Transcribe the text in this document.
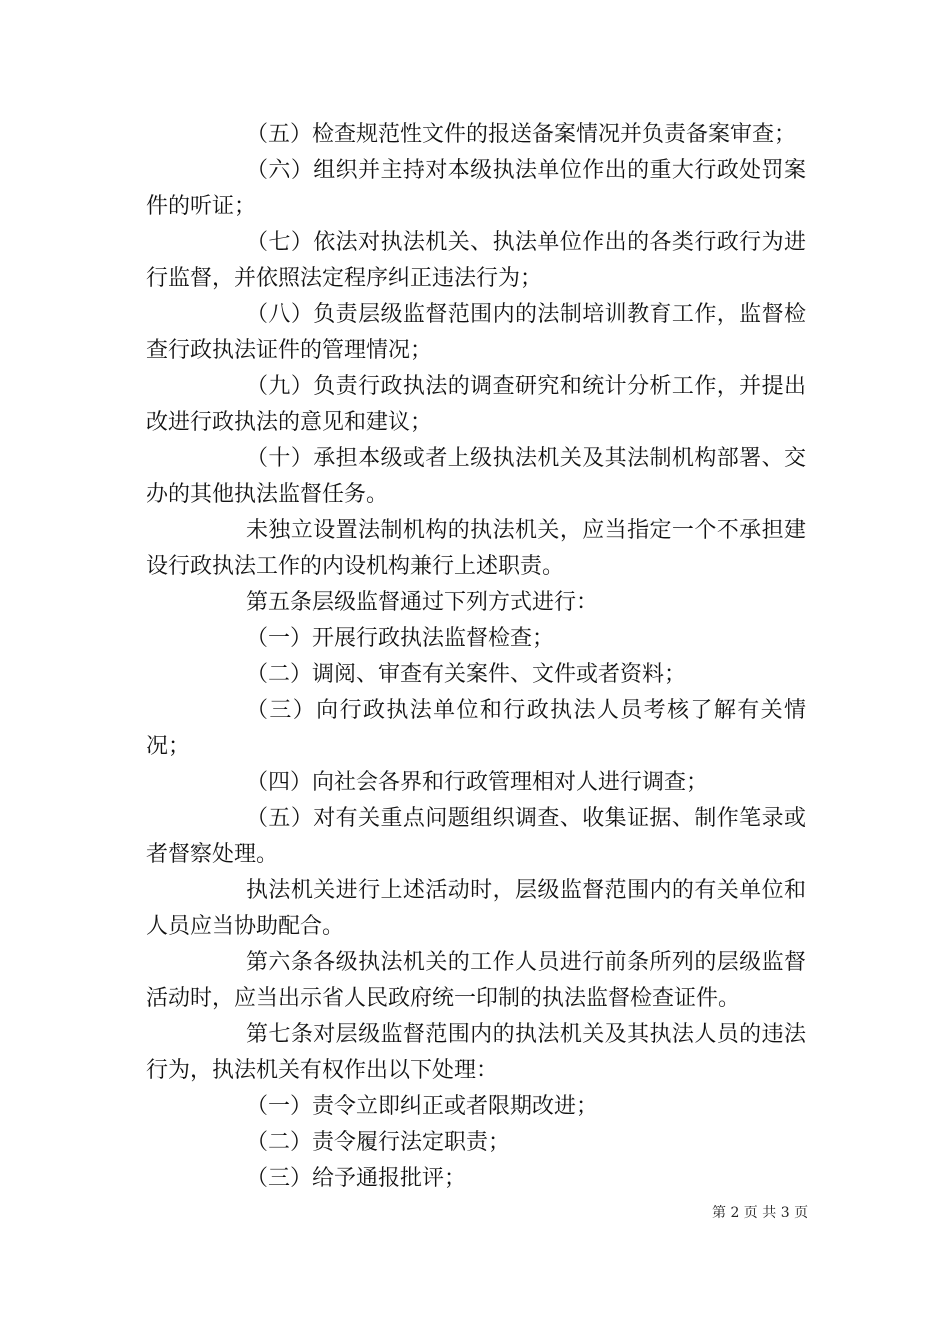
（五）检查规范性文件的报送备案情况并负责备案审查；

（六）组织并主持对本级执法单位作出的重大行政处罚案件的听证；

（七）依法对执法机关、执法单位作出的各类行政行为进行监督，并依照法定程序纠正违法行为；

（八）负责层级监督范围内的法制培训教育工作，监督检查行政执法证件的管理情况；

（九）负责行政执法的调查研究和统计分析工作，并提出改进行政执法的意见和建议；

（十）承担本级或者上级执法机关及其法制机构部署、交办的其他执法监督任务。

未独立设置法制机构的执法机关，应当指定一个不承担建设行政执法工作的内设机构兼行上述职责。

第五条层级监督通过下列方式进行：

（一）开展行政执法监督检查；

（二）调阅、审查有关案件、文件或者资料；

（三）向行政执法单位和行政执法人员考核了解有关情况；

（四）向社会各界和行政管理相对人进行调查；

（五）对有关重点问题组织调查、收集证据、制作笔录或者督察处理。

执法机关进行上述活动时，层级监督范围内的有关单位和人员应当协助配合。

第六条各级执法机关的工作人员进行前条所列的层级监督活动时，应当出示省人民政府统一印制的执法监督检查证件。

第七条对层级监督范围内的执法机关及其执法人员的违法行为，执法机关有权作出以下处理：

（一）责令立即纠正或者限期改进；

（二）责令履行法定职责；

（三）给予通报批评；

第 2 页 共 3 页
